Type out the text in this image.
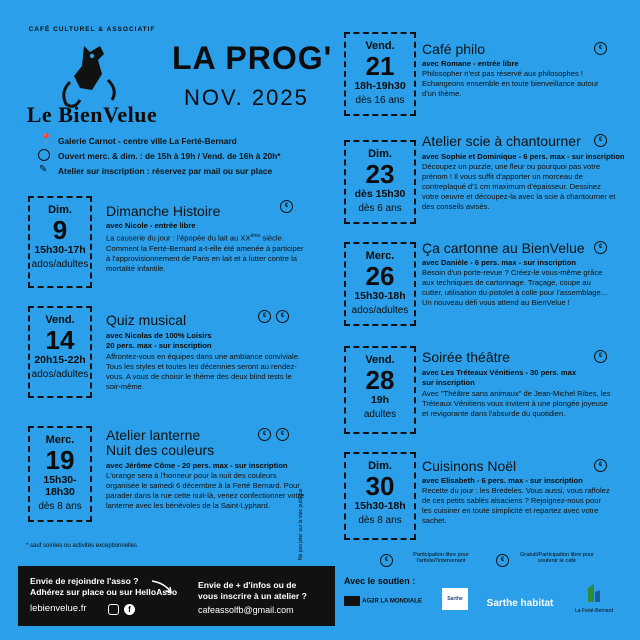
CAFÉ CULTUREL & ASSOCIATIF
Le BienVelue
LA PROG'
NOV. 2025
📍 Galerie Carnot - centre ville La Ferté-Bernard
Ouvert merc. & dim. : de 15h à 19h / Vend. de 16h à 20h*
✎ Atelier sur inscription : réservez par mail ou sur place
Dim.
9
15h30-17h
ados/adultes
Dimanche Histoire	€
avec Nicole - entrée libre
La causerie du jour : l'épopée du lait au XXème siècle. Comment la Ferté-Bernard a-t-elle été amenée à participer à l'approvisionnement de Paris en lait et à lutter contre la mortalité infantile.
Vend.
14
20h15-22h
ados/adultes
Quiz musical	€	€
avec Nicolas de 100% Loisirs
20 pers. max - sur inscription
Affrontez-vous en équipes dans une ambiance conviviale. Tous les styles et toutes les décennies seront au rendez-vous. A vous de choisir le thème des deux blind tests le soir-même.
Merc.
19
15h30-18h30
dès 8 ans
Atelier lanterne
Nuit des couleurs
€	€
avec Jérôme Côme - 20 pers. max - sur inscription
L'orange sera à l'honneur pour la nuit des couleurs organisée le samedi 6 décembre à la Ferté Bernard. Pour parader dans la rue cette nuit-là, venez confectionner votre lanterne avec les bénévoles de la Saint-Lyphard.
* sauf soirées ou activités exceptionnelles	Ne pas jeter sur la voie publique
Vend.
21
18h-19h30
dès 16 ans
Café philo	€
avec Romane - entrée libre
Philosopher n'est pas réservé aux philosophes ! Echangeons ensemble en toute bienveillance autour d'un thème.
Dim.
23
dès 15h30
dès 6 ans
Atelier scie à chantourner	€
avec Sophie et Dominique - 6 pers. max - sur inscription
Découpez un puzzle, une fleur ou pourquoi pas votre prénom ! Il vous suffit d'apporter un morceau de contreplaqué d'1 cm maximum d'épaisseur. Dessinez votre oeuvre et découpez-la avec la scie à chantourner et des conseils avisés.
Merc.
26
15h30-18h
ados/adultes
Ça cartonne au BienVelue	€
avec Danièle - 6 pers. max - sur inscription
Besoin d'un porte-revue ? Créez-le vous-même grâce aux techniques de cartonnage. Traçage, coupe au cutter, utilisation du pistolet à colle pour l'assemblage... Un nouveau défi vous attend au BienVelue !
Vend.
28
19h
adultes
Soirée théâtre	€
avec Les Tréteaux Vénitiens - 30 pers. max
sur inscription
Avec "Théâtre sans animaux" de Jean-Michel Ribes, les Tréteaux Vénitiens vous invitent à une plongée joyeuse et revigorante dans l'absurde du quotidien.
Dim.
30
15h30-18h
dès 8 ans
Cuisinons Noël	€
avec Elisabeth - 6 pers. max - sur inscription
Recette du jour : les Bredeles. Vous aussi, vous raffolez de ces petits sablés alsaciens ? Rejoignez-nous pour les cuisiner en toute simplicité et repartez avec votre sachet.
€
Participation libre pour l'artiste/l'intervenant	€
Gratuit/Participation libre pour soutenir le café
Avec le soutien :
AG2R LA MONDIALE	Sarthe	Sarthe habitat
La Ferté-Bernard
Envie de rejoindre l'asso ?
Adhérez sur place ou sur HelloAsso
lebienvelue.fr	f
Envie de + d'infos ou de
vous inscrire à un atelier ?
cafeassolfb@gmail.com
